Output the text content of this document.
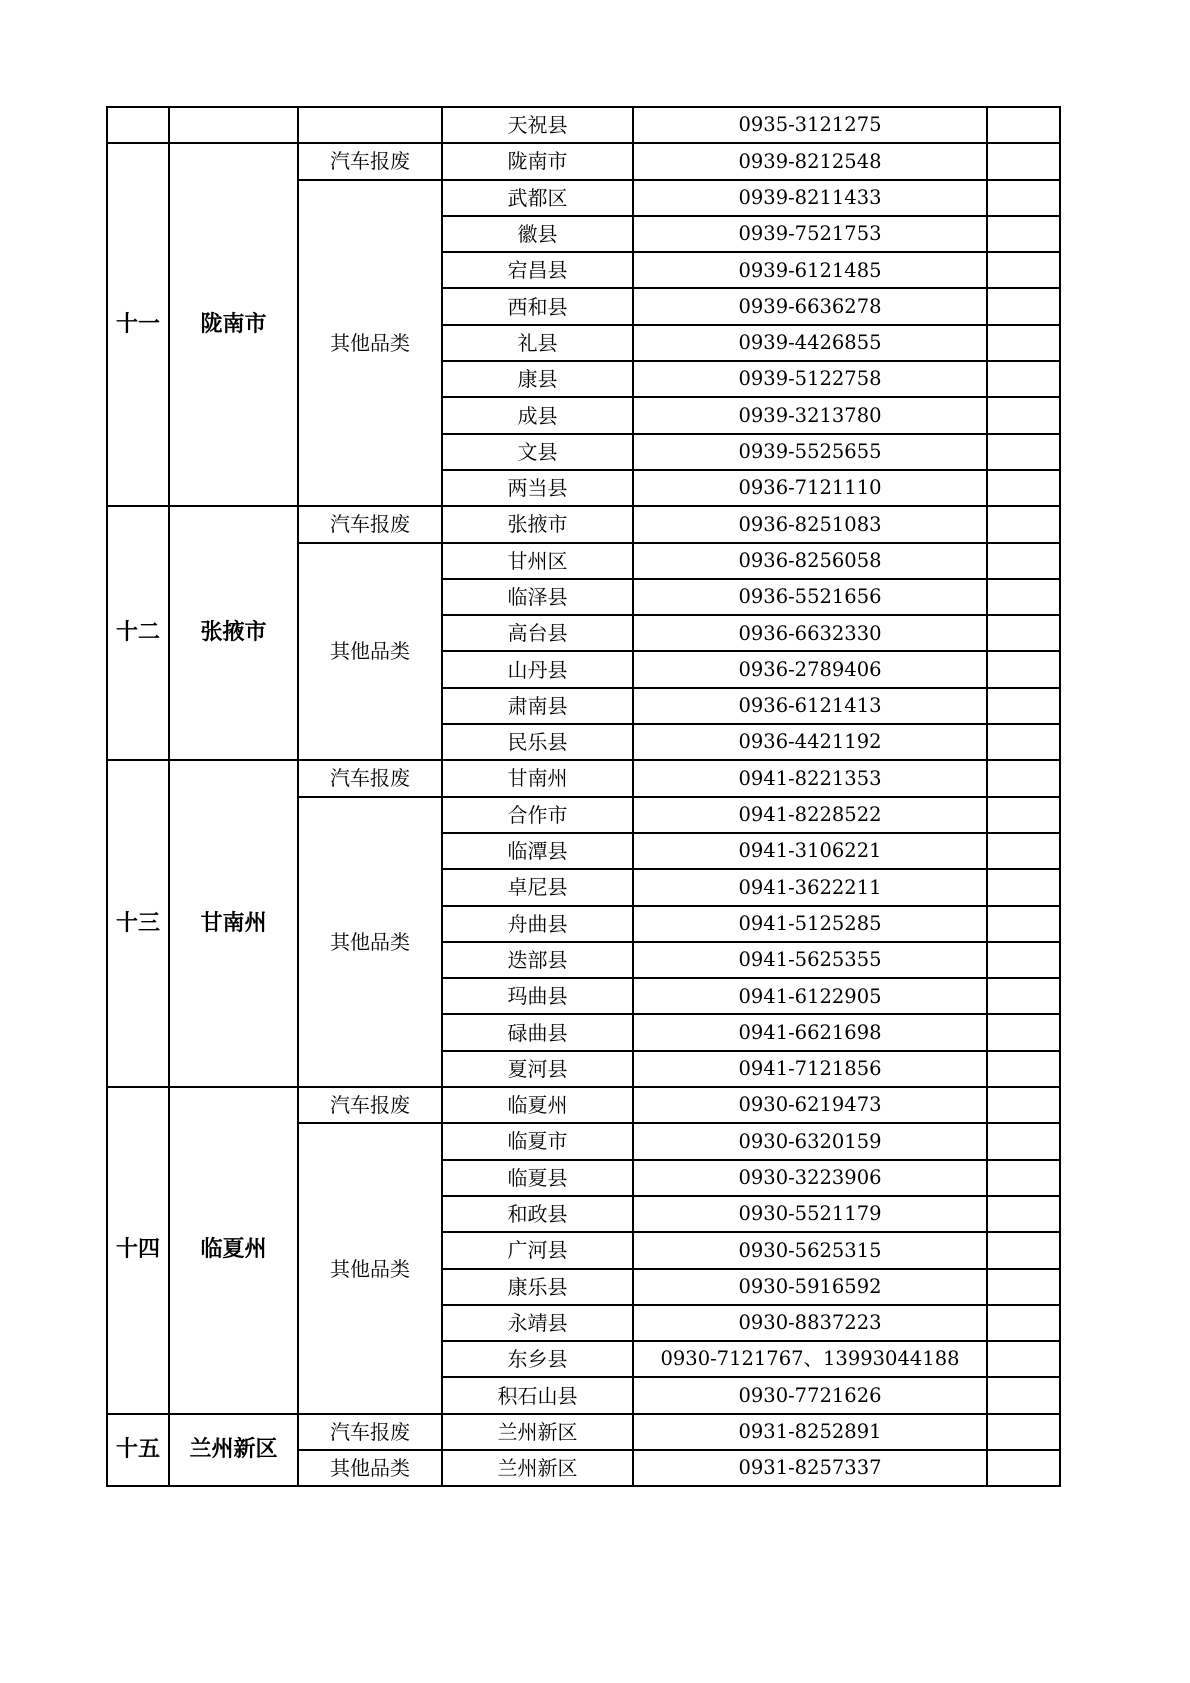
			天祝县	0935-3121275	
十一	陇南市	汽车报废	陇南市	0939-8212548	
		其他品类	武都区	0939-8211433	
			徽县	0939-7521753	
			宕昌县	0939-6121485	
			西和县	0939-6636278	
			礼县	0939-4426855	
			康县	0939-5122758	
			成县	0939-3213780	
			文县	0939-5525655	
			两当县	0936-7121110	
十二	张掖市	汽车报废	张掖市	0936-8251083	
		其他品类	甘州区	0936-8256058	
			临泽县	0936-5521656	
			高台县	0936-6632330	
			山丹县	0936-2789406	
			肃南县	0936-6121413	
			民乐县	0936-4421192	
十三	甘南州	汽车报废	甘南州	0941-8221353	
		其他品类	合作市	0941-8228522	
			临潭县	0941-3106221	
			卓尼县	0941-3622211	
			舟曲县	0941-5125285	
			迭部县	0941-5625355	
			玛曲县	0941-6122905	
			碌曲县	0941-6621698	
			夏河县	0941-7121856	
十四	临夏州	汽车报废	临夏州	0930-6219473	
		其他品类	临夏市	0930-6320159	
			临夏县	0930-3223906	
			和政县	0930-5521179	
			广河县	0930-5625315	
			康乐县	0930-5916592	
			永靖县	0930-8837223	
			东乡县	0930-7121767、13993044188	
			积石山县	0930-7721626	
十五	兰州新区	汽车报废	兰州新区	0931-8252891	
		其他品类	兰州新区	0931-8257337	
